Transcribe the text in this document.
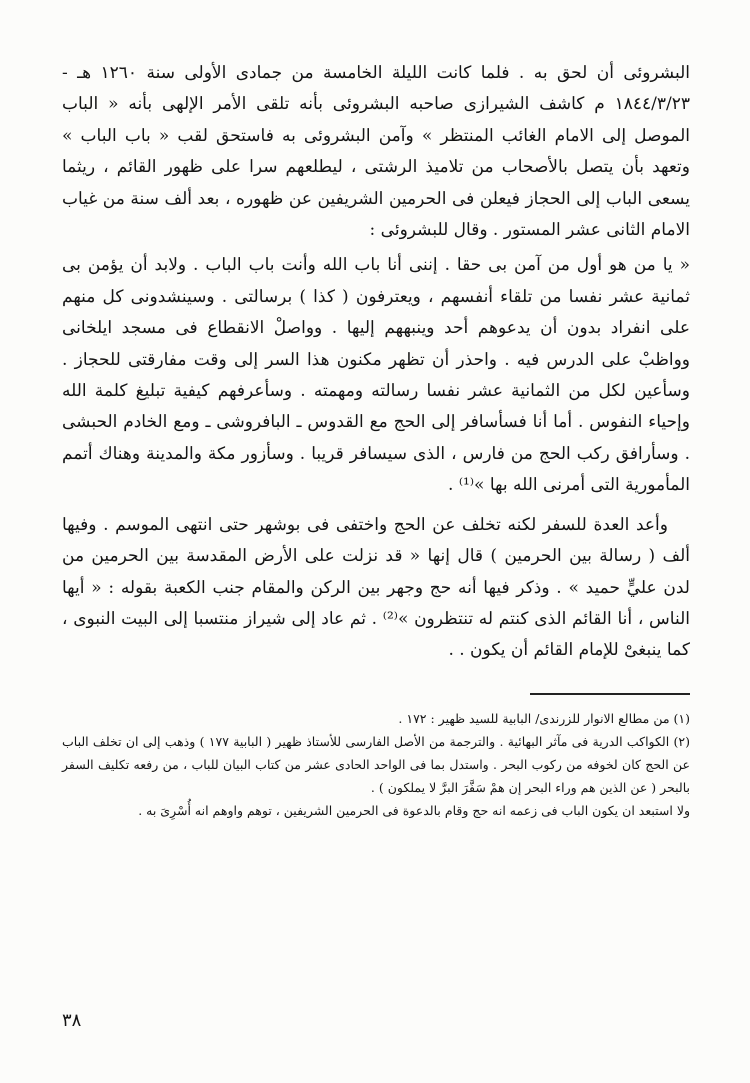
البشروئى أن لحق به . فلما كانت الليلة الخامسة من جمادى الأولى سنة ١٢٦٠ هـ - ١٨٤٤/٣/٢٣ م كاشف الشيرازى صاحبه البشروئى بأنه تلقى الأمر الإلهى بأنه « الباب الموصل إلى الامام الغائب المنتظر » وآمن البشروئى به فاستحق لقب « باب الباب » وتعهد بأن يتصل بالأصحاب من تلاميذ الرشتى ، ليطلعهم سرا على ظهور القائم ، ريثما يسعى الباب إلى الحجاز فيعلن فى الحرمين الشريفين عن ظهوره ، بعد ألف سنة من غياب الامام الثانى عشر المستور . وقال للبشروئى :

« يا من هو أول من آمن بى حقا . إننى أنا باب الله وأنت باب الباب . ولابد أن يؤمن بى ثمانية عشر نفسا من تلقاء أنفسهم ، ويعترفون ( كذا ) برسالتى . وسينشدونى كل منهم على انفراد بدون أن يدعوهم أحد وينبههم إليها . وواصلْ الانقطاع فى مسجد ايلخانى وواظبْ على الدرس فيه . واحذر أن تظهر مكنون هذا السر إلى وقت مفارقتى للحجاز . وسأعين لكل من الثمانية عشر نفسا رسالته ومهمته . وسأعرفهم كيفية تبليغ كلمة الله وإحياء النفوس . أما أنا فسأسافر إلى الحج مع القدوس ـ البافروشى ـ ومع الخادم الحبشى . وسأرافق ركب الحج من فارس ، الذى سيسافر قريبا . وسأزور مكة والمدينة وهناك أتمم المأمورية التى أمرنى الله بها »⁽¹⁾ .

وأعد العدة للسفر لكنه تخلف عن الحج واختفى فى بوشهر حتى انتهى الموسم . وفيها ألف ( رسالة بين الحرمين ) قال إنها « قد نزلت على الأرض المقدسة بين الحرمين من لدن عليٍّ حميد » . وذكر فيها أنه حج وجهر بين الركن والمقام جنب الكعبة بقوله : « أيها الناس ، أنا القائم الذى كنتم له تنتظرون »⁽²⁾ . ثم عاد إلى شيراز منتسبا إلى البيت النبوى ، كما ينبغىْ للإمام القائم أن يكون . .

(١) من مطالع الانوار للزرندى/ البابية للسيد ظهير : ١٧٢ .

(٢) الكواكب الدرية فى مآثر البهائية . والترجمة من الأصل الفارسى للأستاذ ظهير ( البابية ١٧٧ ) وذهب إلى ان تخلف الباب عن الحج كان لخوفه من ركوب البحر . واستدل بما فى الواحد الحادى عشر من كتاب البيان للباب ، من رفعه تكليف السفر بالبحر ( عن الذين هم وراء البحر إن همْ سَفَّرَ البرَّ لا يملكون ) .

ولا استبعد ان يكون الباب فى زعمه انه حج وقام بالدعوة فى الحرمين الشريفين ، توهم واوهم انه أُسْرِىَ به .

٣٨
